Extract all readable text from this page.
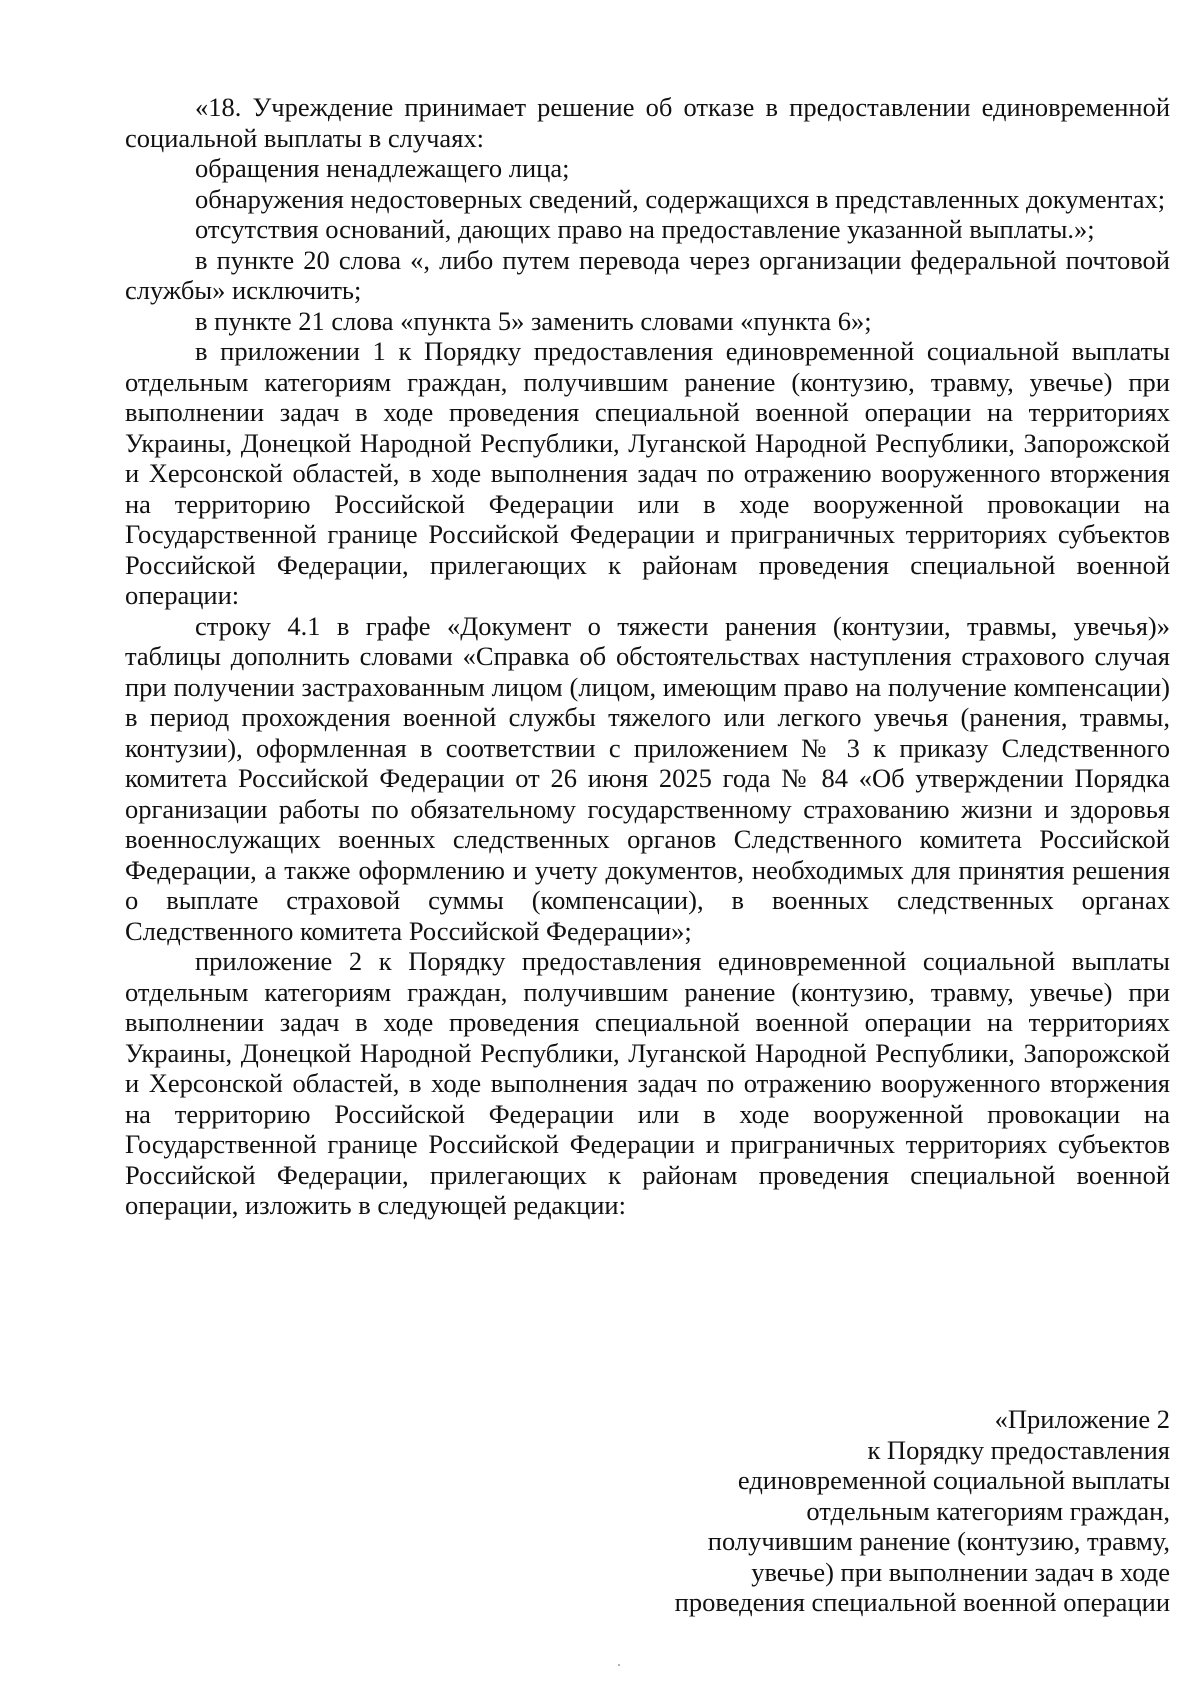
«18. Учреждение принимает решение об отказе в предоставлении единовременной социальной выплаты в случаях:

обращения ненадлежащего лица;

обнаружения недостоверных сведений, содержащихся в представленных документах;

отсутствия оснований, дающих право на предоставление указанной выплаты.»;

в пункте 20 слова «, либо путем перевода через организации федеральной почтовой службы» исключить;

в пункте 21 слова «пункта 5» заменить словами «пункта 6»;

в приложении 1 к Порядку предоставления единовременной социальной выплаты отдельным категориям граждан, получившим ранение (контузию, травму, увечье) при выполнении задач в ходе проведения специальной военной операции на территориях Украины, Донецкой Народной Республики, Луганской Народной Республики, Запорожской и Херсонской областей, в ходе выполнения задач по отражению вооруженного вторжения на территорию Российской Федерации или в ходе вооруженной провокации на Государственной границе Российской Федерации и приграничных территориях субъектов Российской Федерации, прилегающих к районам проведения специальной военной операции:

строку 4.1 в графе «Документ о тяжести ранения (контузии, травмы, увечья)» таблицы дополнить словами «Справка об обстоятельствах наступления страхового случая при получении застрахованным лицом (лицом, имеющим право на получение компенсации) в период прохождения военной службы тяжелого или легкого увечья (ранения, травмы, контузии), оформленная в соответствии с приложением № 3 к приказу Следственного комитета Российской Федерации от 26 июня 2025 года № 84 «Об утверждении Порядка организации работы по обязательному государственному страхованию жизни и здоровья военнослужащих военных следственных органов Следственного комитета Российской Федерации, а также оформлению и учету документов, необходимых для принятия решения о выплате страховой суммы (компенсации), в военных следственных органах Следственного комитета Российской Федерации»;

приложение 2 к Порядку предоставления единовременной социальной выплаты отдельным категориям граждан, получившим ранение (контузию, травму, увечье) при выполнении задач в ходе проведения специальной военной операции на территориях Украины, Донецкой Народной Республики, Луганской Народной Республики, Запорожской и Херсонской областей, в ходе выполнения задач по отражению вооруженного вторжения на территорию Российской Федерации или в ходе вооруженной провокации на Государственной границе Российской Федерации и приграничных территориях субъектов Российской Федерации, прилегающих к районам проведения специальной военной операции, изложить в следующей редакции:

«Приложение 2
к Порядку предоставления
единовременной социальной выплаты
отдельным категориям граждан,
получившим ранение (контузию, травму,
увечье) при выполнении задач в ходе
проведения специальной военной операции
